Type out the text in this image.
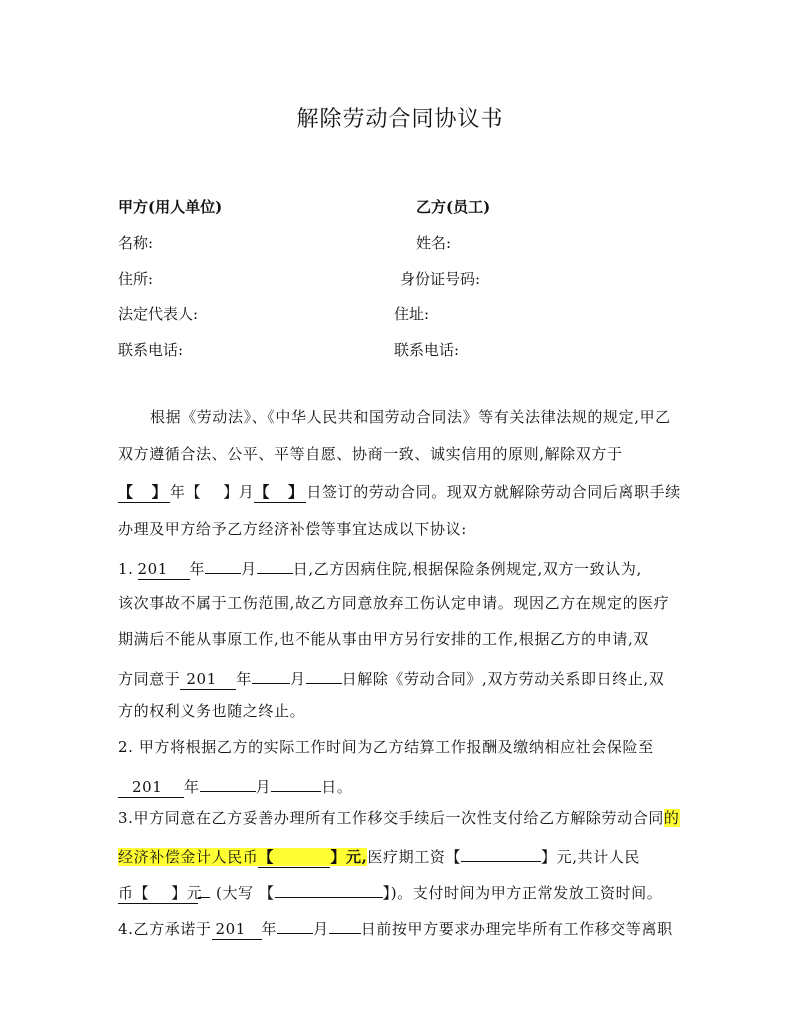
解除劳动合同协议书
甲方(用人单位)	乙方(员工)
名称:	姓名:
住所:	身份证号码:
法定代表人:	住址:
联系电话:	联系电话:
根据《劳动法》、《中华人民共和国劳动合同法》等有关法律法规的规定,甲乙
双方遵循合法、公平、平等自愿、协商一致、诚实信用的原则,解除双方于
【 】 年【 】月【 】 日签订的劳动合同。现双方就解除劳动合同后离职手续
办理及甲方给予乙方经济补偿等事宜达成以下协议:
1. 201 年 月 日,乙方因病住院,根据保险条例规定,双方一致认为,
该次事故不属于工伤范围,故乙方同意放弃工伤认定申请。现因乙方在规定的医疗
期满后不能从事原工作,也不能从事由甲方另行安排的工作,根据乙方的申请,双
方同意于 201 年	月 日解除《劳动合同》,双方劳动关系即日终止,双
方的权利义务也随之终止。
2. 甲方将根据乙方的实际工作时间为乙方结算工作报酬及缴纳相应社会保险至
201 年	月	日。
3.甲方同意在乙方妥善办理所有工作移交手续后一次性支付给乙方解除劳动合同的
经济补偿金计人民币【	】元,医疗期工资【	】元,共计人民
币【 】元 (大写 【	】)。支付时间为甲方正常发放工资时间。
4.乙方承诺于 201 年 月 日前按甲方要求办理完毕所有工作移交等离职
